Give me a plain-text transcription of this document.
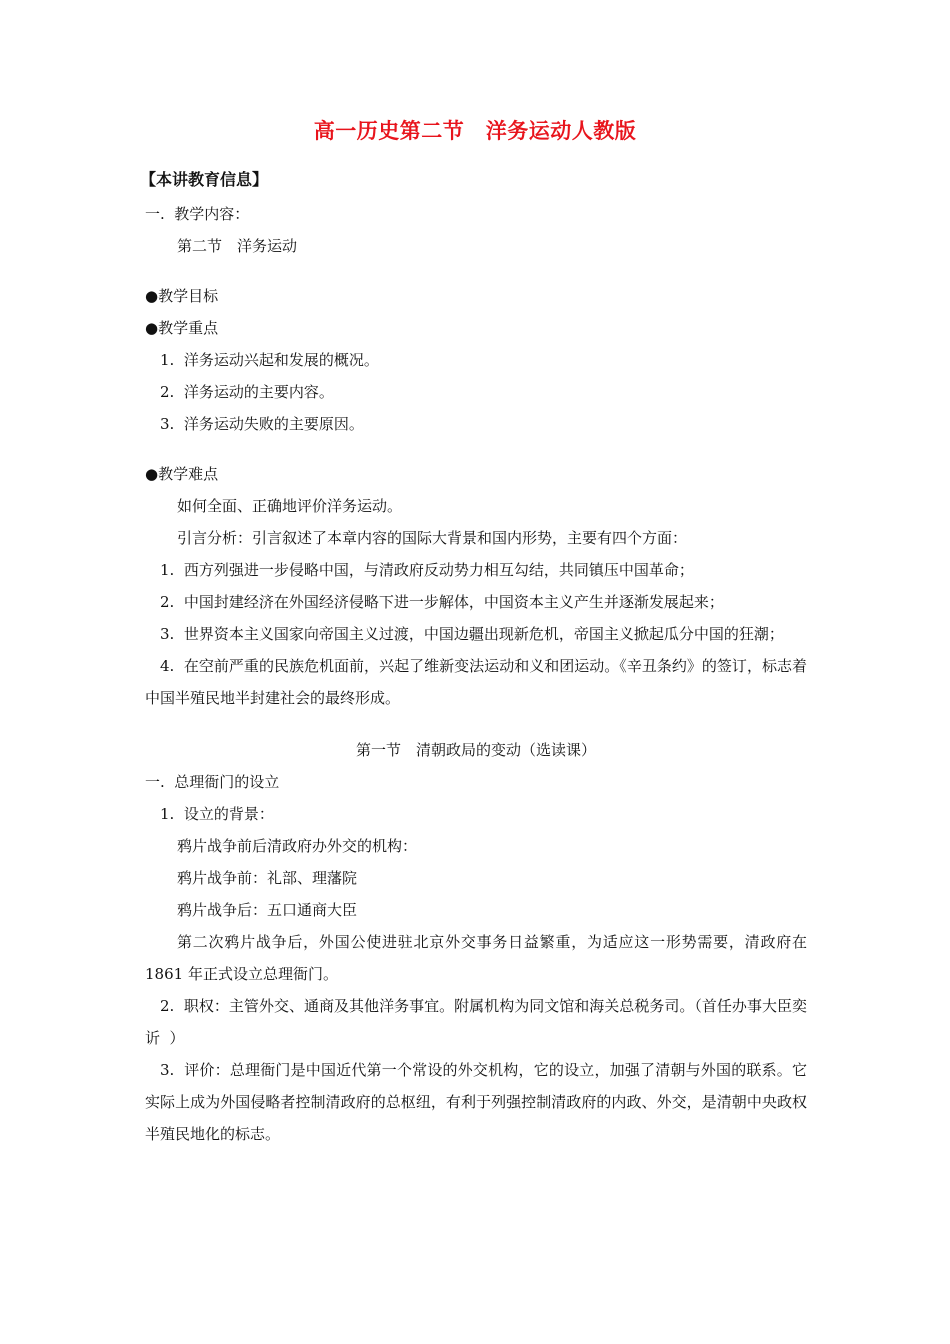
高一历史第二节　洋务运动人教版

【本讲教育信息】

一.  教学内容：

第二节　洋务运动

●教学目标

●教学重点

1.  洋务运动兴起和发展的概况。

2.  洋务运动的主要内容。

3.  洋务运动失败的主要原因。

●教学难点

如何全面、正确地评价洋务运动。

引言分析：引言叙述了本章内容的国际大背景和国内形势，主要有四个方面：

1.  西方列强进一步侵略中国，与清政府反动势力相互勾结，共同镇压中国革命；

2.  中国封建经济在外国经济侵略下进一步解体，中国资本主义产生并逐渐发展起来；

3.  世界资本主义国家向帝国主义过渡，中国边疆出现新危机，帝国主义掀起瓜分中国的狂潮；

4.  在空前严重的民族危机面前，兴起了维新变法运动和义和团运动。《辛丑条约》的签订，标志着中国半殖民地半封建社会的最终形成。

第一节　清朝政局的变动（选读课）

一.  总理衙门的设立

1.  设立的背景：

鸦片战争前后清政府办外交的机构：

鸦片战争前：礼部、理藩院

鸦片战争后：五口通商大臣

第二次鸦片战争后，外国公使进驻北京外交事务日益繁重，为适应这一形势需要，清政府在 1861 年正式设立总理衙门。

2.  职权：主管外交、通商及其他洋务事宜。附属机构为同文馆和海关总税务司。（首任办事大臣奕䜣  ）

3.  评价：总理衙门是中国近代第一个常设的外交机构，它的设立，加强了清朝与外国的联系。它实际上成为外国侵略者控制清政府的总枢纽，有利于列强控制清政府的内政、外交，是清朝中央政权半殖民地化的标志。
